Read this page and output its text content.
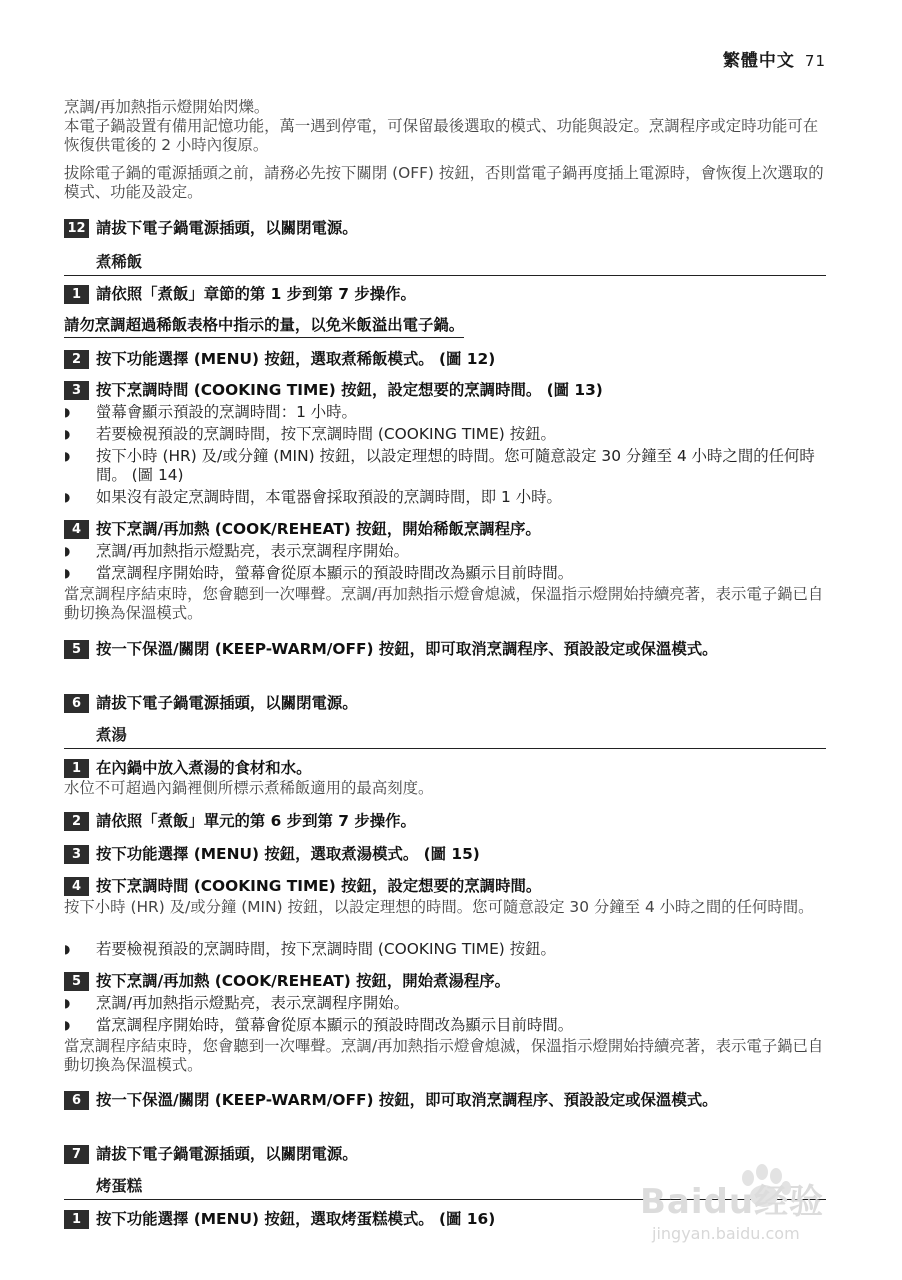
繁體中文 71
烹調/再加熱指示燈開始閃爍。
本電子鍋設置有備用記憶功能，萬一遇到停電，可保留最後選取的模式、功能與設定。烹調程序或定時功能可在恢復供電後的 2 小時內復原。
拔除電子鍋的電源插頭之前，請務必先按下關閉 (OFF) 按鈕，否則當電子鍋再度插上電源時，會恢復上次選取的模式、功能及設定。
12 請拔下電子鍋電源插頭，以關閉電源。
煮稀飯
1 請依照「煮飯」章節的第 1 步到第 7 步操作。
請勿烹調超過稀飯表格中指示的量，以免米飯溢出電子鍋。
2 按下功能選擇 (MENU) 按鈕，選取煮稀飯模式。 (圖 12)
3 按下烹調時間 (COOKING TIME) 按鈕，設定想要的烹調時間。 (圖 13)
◗ 螢幕會顯示預設的烹調時間：1 小時。
◗ 若要檢視預設的烹調時間，按下烹調時間 (COOKING TIME) 按鈕。
◗ 按下小時 (HR) 及/或分鐘 (MIN) 按鈕，以設定理想的時間。您可隨意設定 30 分鐘至 4 小時之間的任何時間。 (圖 14)
◗ 如果沒有設定烹調時間，本電器會採取預設的烹調時間，即 1 小時。
4 按下烹調/再加熱 (COOK/REHEAT) 按鈕，開始稀飯烹調程序。
◗ 烹調/再加熱指示燈點亮，表示烹調程序開始。
◗ 當烹調程序開始時，螢幕會從原本顯示的預設時間改為顯示目前時間。
當烹調程序結束時，您會聽到一次嗶聲。烹調/再加熱指示燈會熄滅，保溫指示燈開始持續亮著，表示電子鍋已自動切換為保溫模式。
5 按一下保溫/關閉 (KEEP-WARM/OFF) 按鈕，即可取消烹調程序、預設設定或保溫模式。
6 請拔下電子鍋電源插頭，以關閉電源。
煮湯
1 在內鍋中放入煮湯的食材和水。
水位不可超過內鍋裡側所標示煮稀飯適用的最高刻度。
2 請依照「煮飯」單元的第 6 步到第 7 步操作。
3 按下功能選擇 (MENU) 按鈕，選取煮湯模式。 (圖 15)
4 按下烹調時間 (COOKING TIME) 按鈕，設定想要的烹調時間。
按下小時 (HR) 及/或分鐘 (MIN) 按鈕，以設定理想的時間。您可隨意設定 30 分鐘至 4 小時之間的任何時間。
◗ 若要檢視預設的烹調時間，按下烹調時間 (COOKING TIME) 按鈕。
5 按下烹調/再加熱 (COOK/REHEAT) 按鈕，開始煮湯程序。
◗ 烹調/再加熱指示燈點亮，表示烹調程序開始。
◗ 當烹調程序開始時，螢幕會從原本顯示的預設時間改為顯示目前時間。
當烹調程序結束時，您會聽到一次嗶聲。烹調/再加熱指示燈會熄滅，保溫指示燈開始持續亮著，表示電子鍋已自動切換為保溫模式。
6 按一下保溫/關閉 (KEEP-WARM/OFF) 按鈕，即可取消烹調程序、預設設定或保溫模式。
7 請拔下電子鍋電源插頭，以關閉電源。
烤蛋糕
1 按下功能選擇 (MENU) 按鈕，選取烤蛋糕模式。 (圖 16)	Baidu经验
jingyan.baidu.com
